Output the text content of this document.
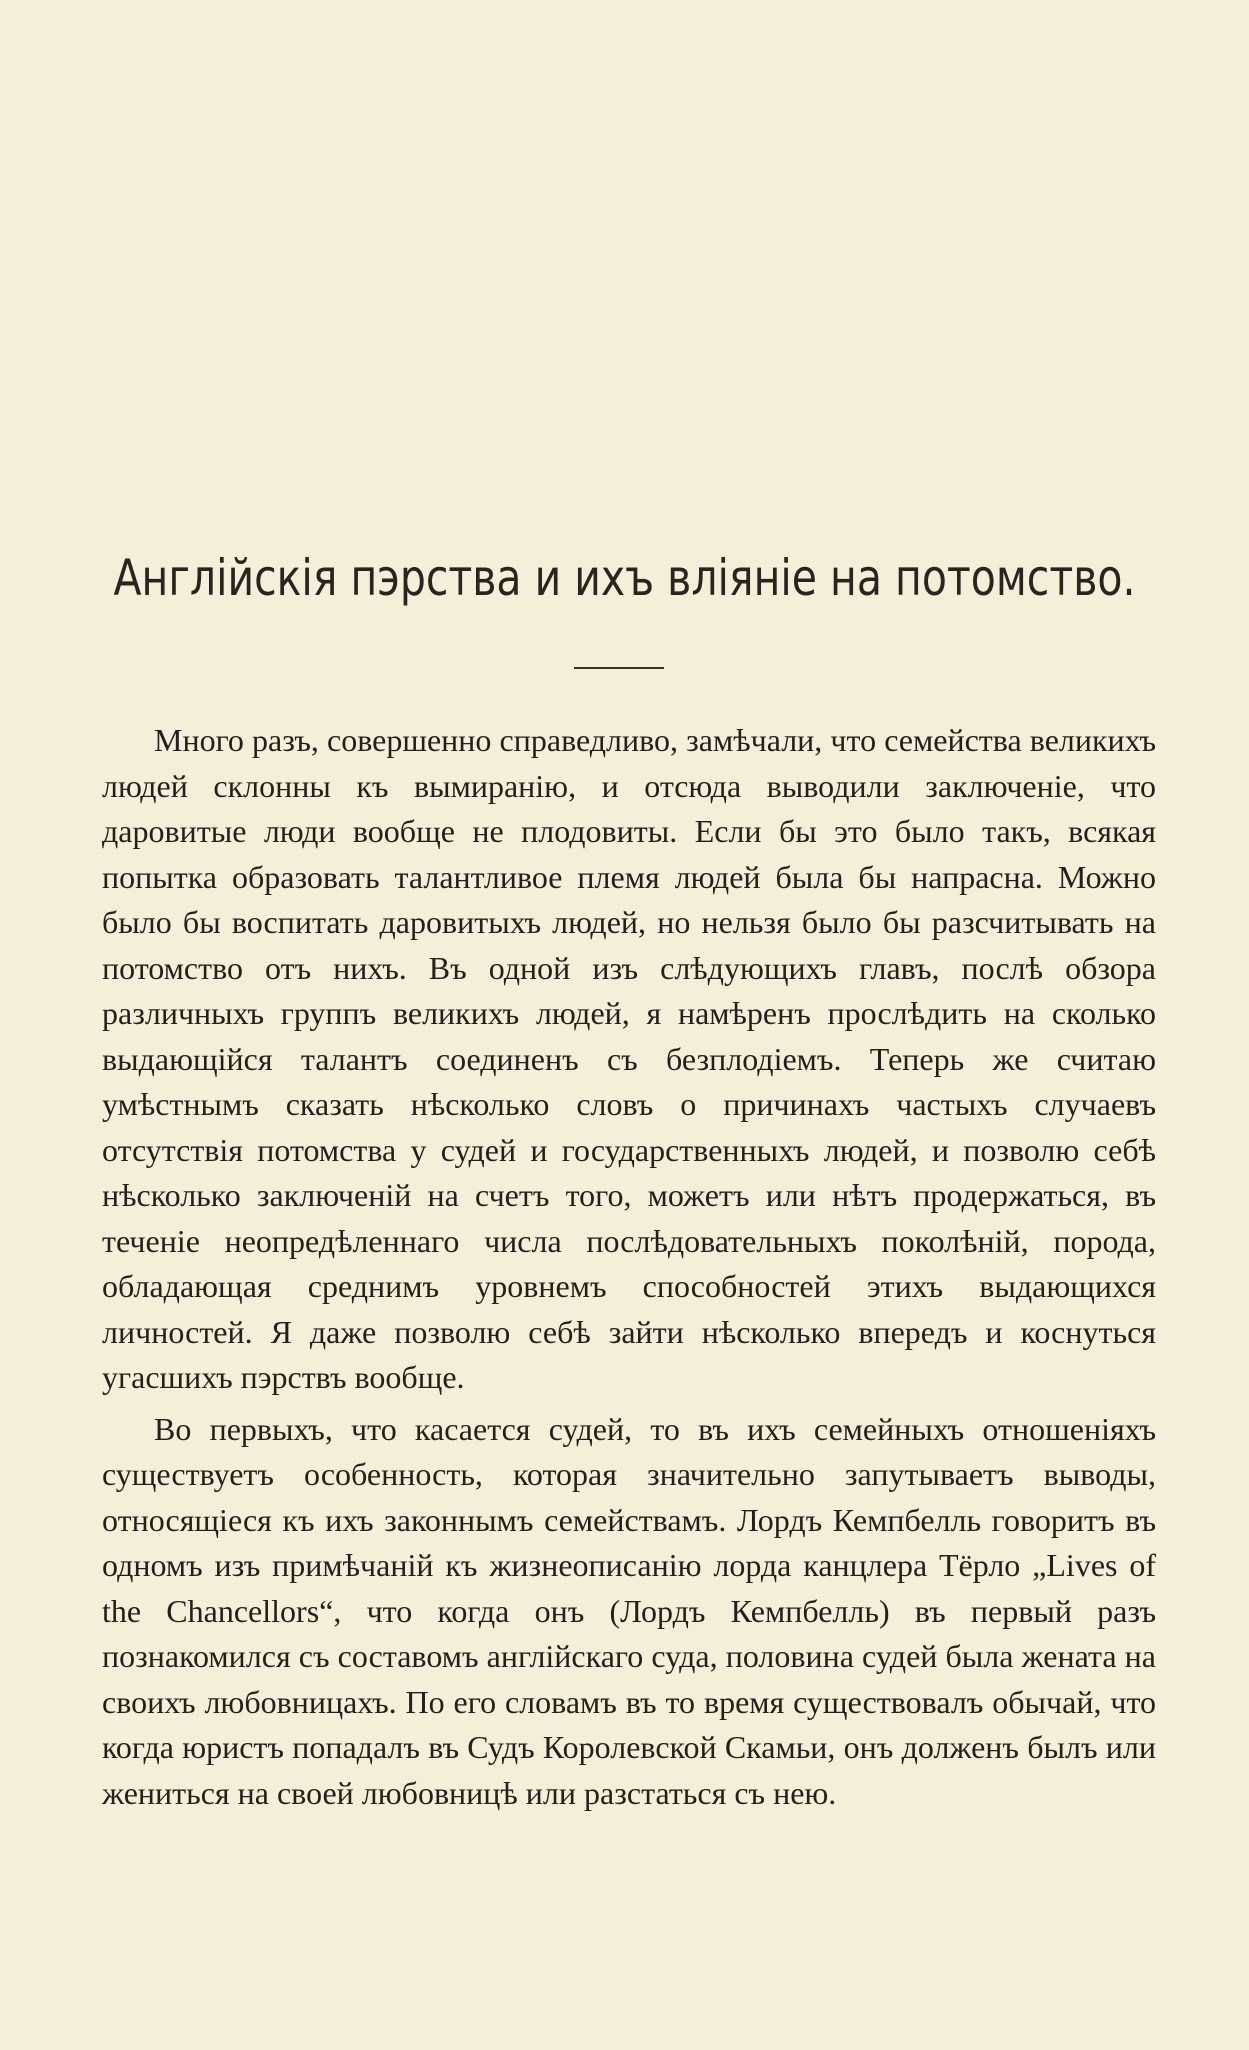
Англійскія пэрства и ихъ вліяніе на потомство.

Много разъ, совершенно справедливо, замѣчали, что семейства великихъ людей склонны къ вымиранію, и отсюда выводили заключеніе, что даровитые люди вообще не плодовиты. Если бы это было такъ, всякая попытка образовать талантливое племя людей была бы напрасна. Можно было бы воспитать даровитыхъ людей, но нельзя было бы разсчитывать на потомство отъ нихъ. Въ одной изъ слѣдующихъ главъ, послѣ обзора различныхъ группъ великихъ людей, я намѣренъ прослѣдить на сколько выдающійся талантъ соединенъ съ безплодіемъ. Теперь же считаю умѣстнымъ сказать нѣсколько словъ о причинахъ частыхъ случаевъ отсутствія потомства у судей и государственныхъ людей, и позволю себѣ нѣсколько заключеній на счетъ того, можетъ или нѣтъ продержаться, въ теченіе неопредѣленнаго числа послѣдовательныхъ поколѣній, порода, обладающая среднимъ уровнемъ способностей этихъ выдающихся личностей. Я даже позволю себѣ зайти нѣсколько впередъ и коснуться угасшихъ пэрствъ вообще.

Во первыхъ, что касается судей, то въ ихъ семейныхъ отношеніяхъ существуетъ особенность, которая значительно запутываетъ выводы, относящіеся къ ихъ законнымъ семействамъ. Лордъ Кемпбелль говоритъ въ одномъ изъ примѣчаній къ жизнеописанію лорда канцлера Тёрло „Lives of the Chancellors“, что когда онъ (Лордъ Кемпбелль) въ первый разъ познакомился съ составомъ англійскаго суда, половина судей была жената на своихъ любовницахъ. По его словамъ въ то время существовалъ обычай, что когда юристъ попадалъ въ Судъ Королевской Скамьи, онъ долженъ былъ или жениться на своей любовницѣ или разстаться съ нею.
